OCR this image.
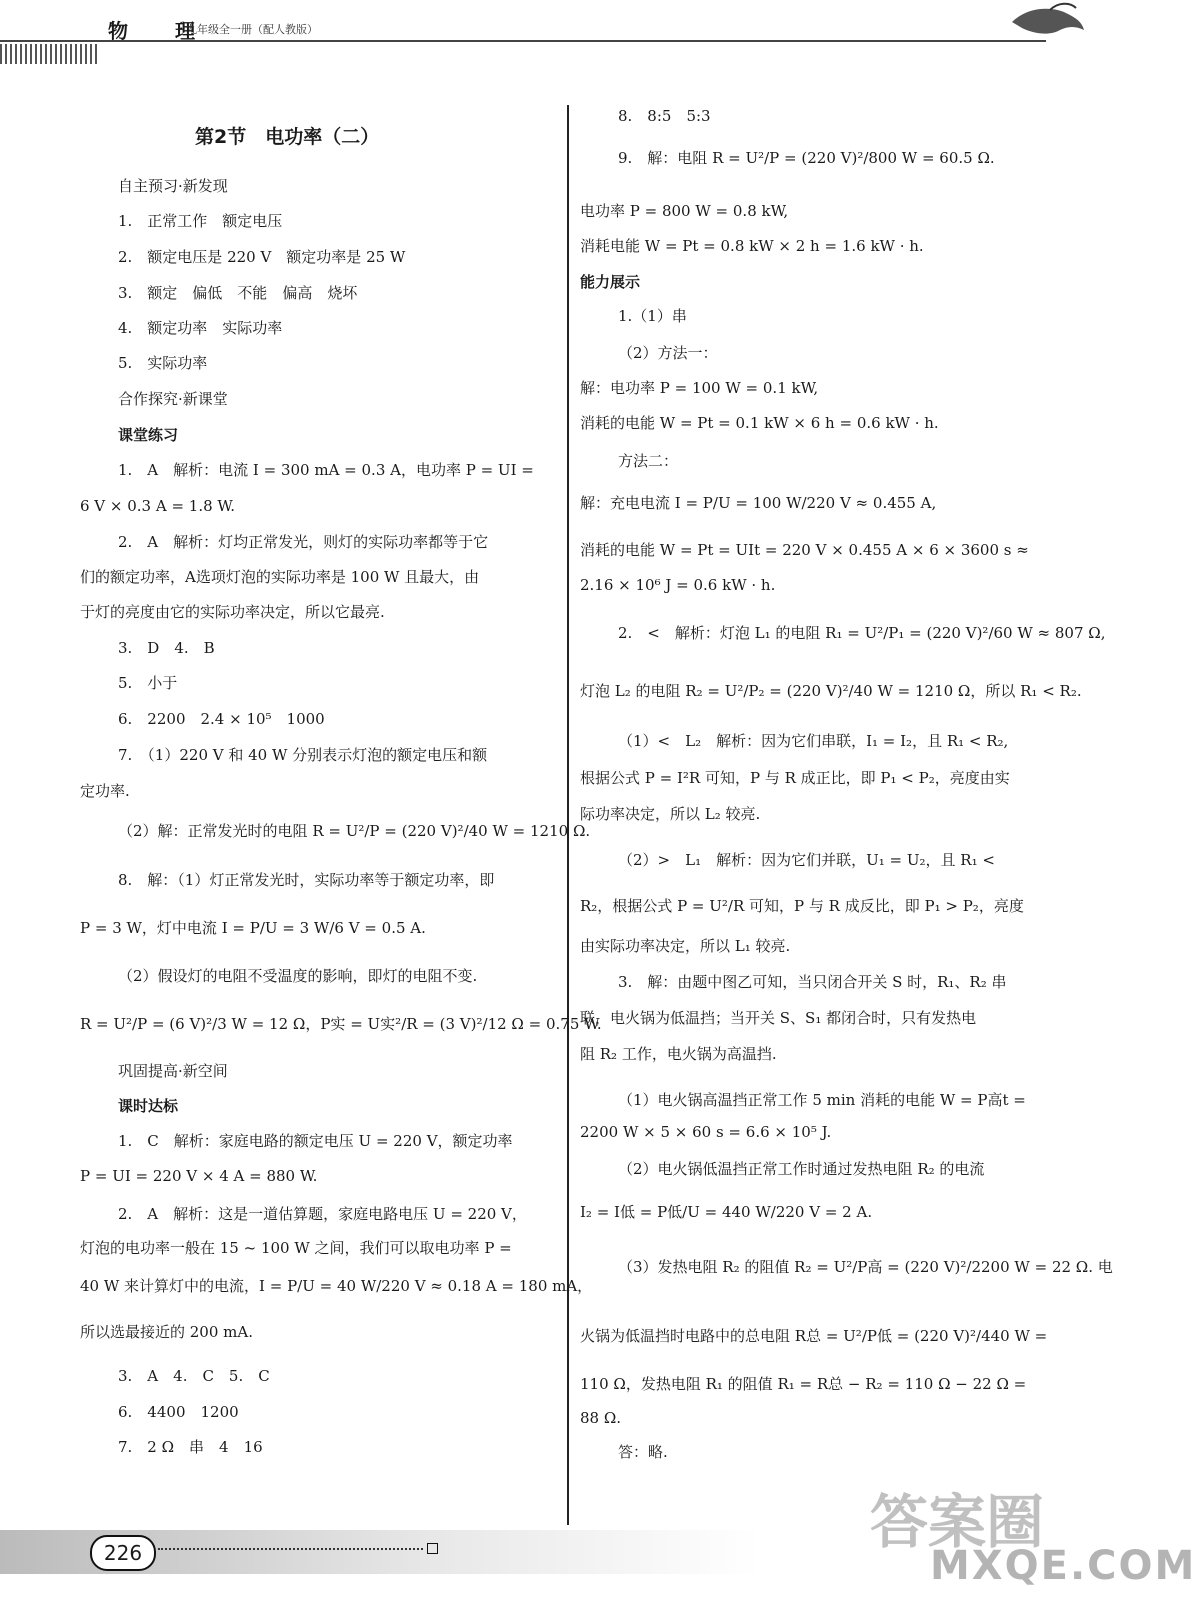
物 理
九年级全一册（配人教版）
第2节　电功率（二）
自主预习·新发现
1.　正常工作　额定电压
2.　额定电压是 220 V　额定功率是 25 W
3.　额定　偏低　不能　偏高　烧坏
4.　额定功率　实际功率
5.　实际功率
合作探究·新课堂
课堂练习
1.　A　解析：电流 I = 300 mA = 0.3 A，电功率 P = UI =
6 V × 0.3 A = 1.8 W.
2.　A　解析：灯均正常发光，则灯的实际功率都等于它
们的额定功率，A选项灯泡的实际功率是 100 W 且最大，由
于灯的亮度由它的实际功率决定，所以它最亮.
3.　D　4.　B
5.　小于
6.　2200　2.4 × 10⁵　1000
7.　（1）220 V 和 40 W 分别表示灯泡的额定电压和额
定功率.
（2）解：正常发光时的电阻 R = U²/P = (220 V)²/40 W = 1210 Ω.
8.　解：（1）灯正常发光时，实际功率等于额定功率，即
P = 3 W，灯中电流 I = P/U = 3 W/6 V = 0.5 A.
（2）假设灯的电阻不受温度的影响，即灯的电阻不变.
R = U²/P = (6 V)²/3 W = 12 Ω，P实 = U实²/R = (3 V)²/12 Ω = 0.75 W.
巩固提高·新空间
课时达标
1.　C　解析：家庭电路的额定电压 U = 220 V，额定功率
P = UI = 220 V × 4 A = 880 W.
2.　A　解析：这是一道估算题，家庭电路电压 U = 220 V，
灯泡的电功率一般在 15 ~ 100 W 之间，我们可以取电功率 P =
40 W 来计算灯中的电流，I = P/U = 40 W/220 V ≈ 0.18 A = 180 mA，
所以选最接近的 200 mA.
3.　A　4.　C　5.　C
6.　4400　1200
7.　2 Ω　串　4　16
8.　8:5　5:3
9.　解：电阻 R = U²/P = (220 V)²/800 W = 60.5 Ω.
电功率 P = 800 W = 0.8 kW,
消耗电能 W = Pt = 0.8 kW × 2 h = 1.6 kW · h.
能力展示
1.（1）串
（2）方法一：
解：电功率 P = 100 W = 0.1 kW,
消耗的电能 W = Pt = 0.1 kW × 6 h = 0.6 kW · h.
方法二：
解：充电电流 I = P/U = 100 W/220 V ≈ 0.455 A,
消耗的电能 W = Pt = UIt = 220 V × 0.455 A × 6 × 3600 s ≈
2.16 × 10⁶ J = 0.6 kW · h.
2.　<　解析：灯泡 L₁ 的电阻 R₁ = U²/P₁ = (220 V)²/60 W ≈ 807 Ω,
灯泡 L₂ 的电阻 R₂ = U²/P₂ = (220 V)²/40 W = 1210 Ω，所以 R₁ < R₂.
（1）<　L₂　解析：因为它们串联，I₁ = I₂，且 R₁ < R₂,
根据公式 P = I²R 可知，P 与 R 成正比，即 P₁ < P₂，亮度由实
际功率决定，所以 L₂ 较亮.
（2）>　L₁　解析：因为它们并联，U₁ = U₂，且 R₁ <
R₂，根据公式 P = U²/R 可知，P 与 R 成反比，即 P₁ > P₂，亮度
由实际功率决定，所以 L₁ 较亮.
3.　解：由题中图乙可知，当只闭合开关 S 时，R₁、R₂ 串
联，电火锅为低温挡；当开关 S、S₁ 都闭合时，只有发热电
阻 R₂ 工作，电火锅为高温挡.
（1）电火锅高温挡正常工作 5 min 消耗的电能 W = P高t =
2200 W × 5 × 60 s = 6.6 × 10⁵ J.
（2）电火锅低温挡正常工作时通过发热电阻 R₂ 的电流
I₂ = I低 = P低/U = 440 W/220 V = 2 A.
（3）发热电阻 R₂ 的阻值 R₂ = U²/P高 = (220 V)²/2200 W = 22 Ω. 电
火锅为低温挡时电路中的总电阻 R总 = U²/P低 = (220 V)²/440 W =
110 Ω，发热电阻 R₁ 的阻值 R₁ = R总 − R₂ = 110 Ω − 22 Ω =
88 Ω.
答：略.
226	答案圈
MXQE.COM
